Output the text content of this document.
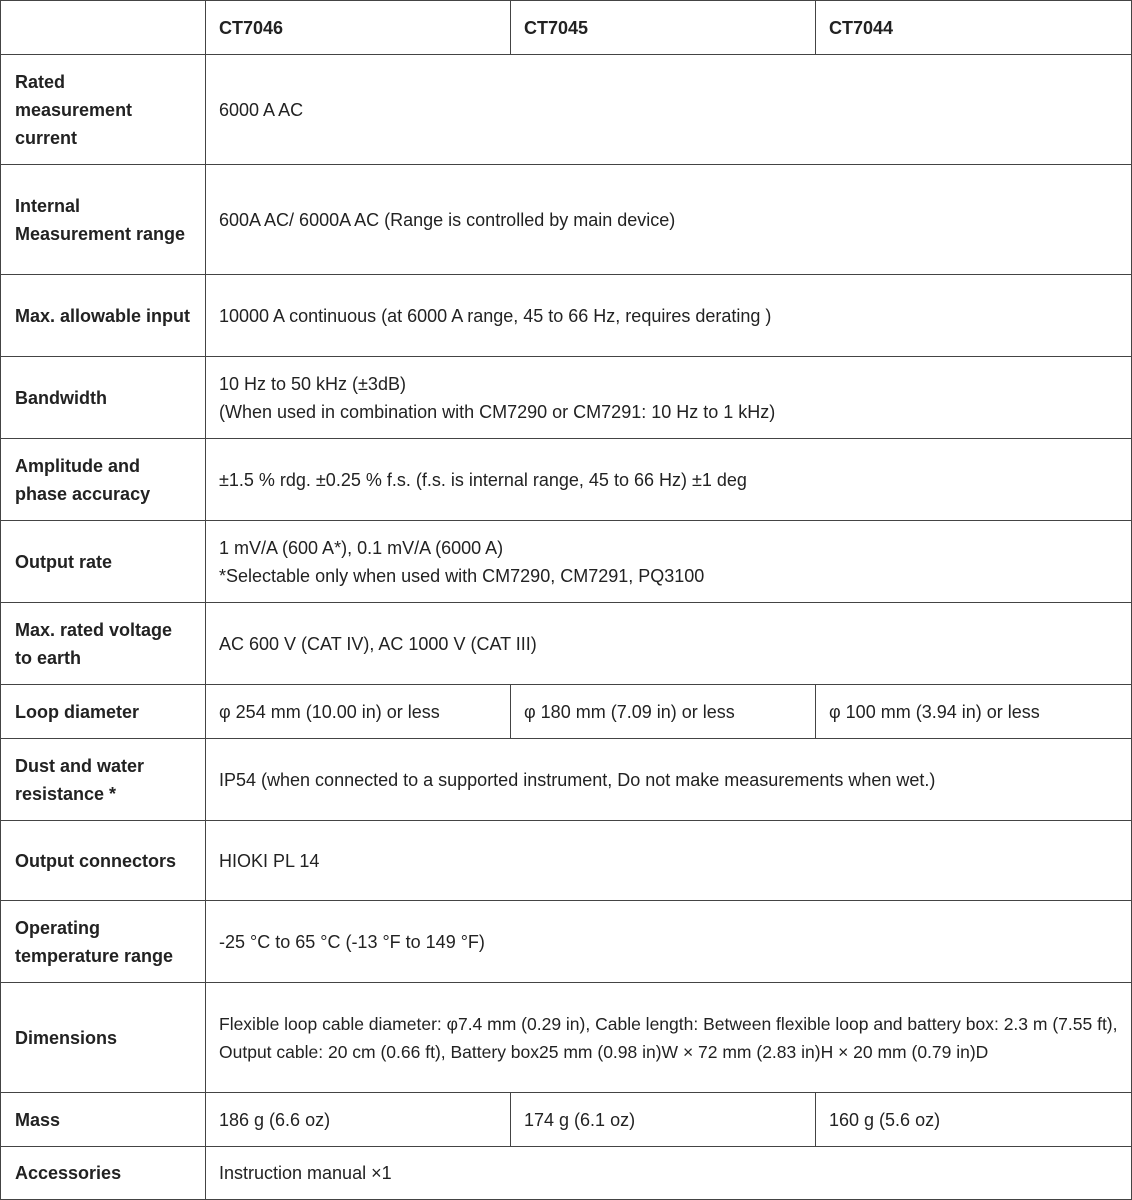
	CT7046	CT7045	CT7044
Rated measurement current	6000 A AC		
Internal Measurement range	600A AC/ 6000A AC (Range is controlled by main device)		
Max. allowable input	10000 A continuous (at 6000 A range, 45 to 66 Hz, requires derating )		
Bandwidth	10 Hz to 50 kHz (±3dB)
(When used in combination with CM7290 or CM7291: 10 Hz to 1 kHz)		

Amplitude and phase accuracy	±1.5 % rdg. ±0.25 % f.s. (f.s. is internal range, 45 to 66 Hz) ±1 deg		
Output rate	1 mV/A (600 A*), 0.1 mV/A (6000 A)
*Selectable only when used with CM7290, CM7291, PQ3100		

Max. rated voltage to earth	AC 600 V (CAT IV), AC 1000 V (CAT III)		
Loop diameter	φ 254 mm (10.00 in) or less	φ 180 mm (7.09 in) or less	φ 100 mm (3.94 in) or less
Dust and water resistance *	IP54 (when connected to a supported instrument, Do not make measurements when wet.)		
Output connectors	HIOKI PL 14		
Operating temperature range	-25 °C to 65 °C (-13 °F to 149 °F)		
Dimensions	Flexible loop cable diameter: φ7.4 mm (0.29 in), Cable length: Between flexible loop and battery box: 2.3 m (7.55 ft), Output cable: 20 cm (0.66 ft), Battery box25 mm (0.98 in)W × 72 mm (2.83 in)H × 20 mm (0.79 in)D		
Mass	186 g (6.6 oz)	174 g (6.1 oz)	160 g (5.6 oz)
Accessories	Instruction manual ×1		
